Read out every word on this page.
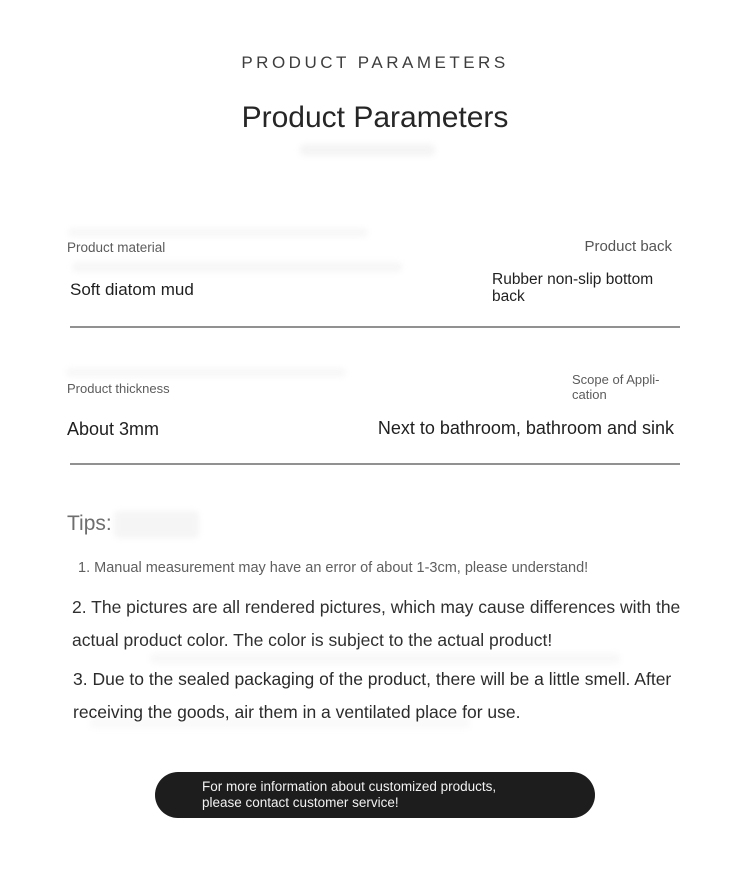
PRODUCT PARAMETERS
Product Parameters
Product material	Product back
Soft diatom mud
Rubber non-slip bottom back
Product thickness
Scope of Appli-cation
About 3mm	Next to bathroom, bathroom and sink
Tips:
1. Manual measurement may have an error of about 1-3cm, please understand!
2. The pictures are all rendered pictures, which may cause differences with the actual product color. The color is subject to the actual product!
3. Due to the sealed packaging of the product, there will be a little smell. After receiving the goods, air them in a ventilated place for use.
For more information about customized products, please contact customer service!
